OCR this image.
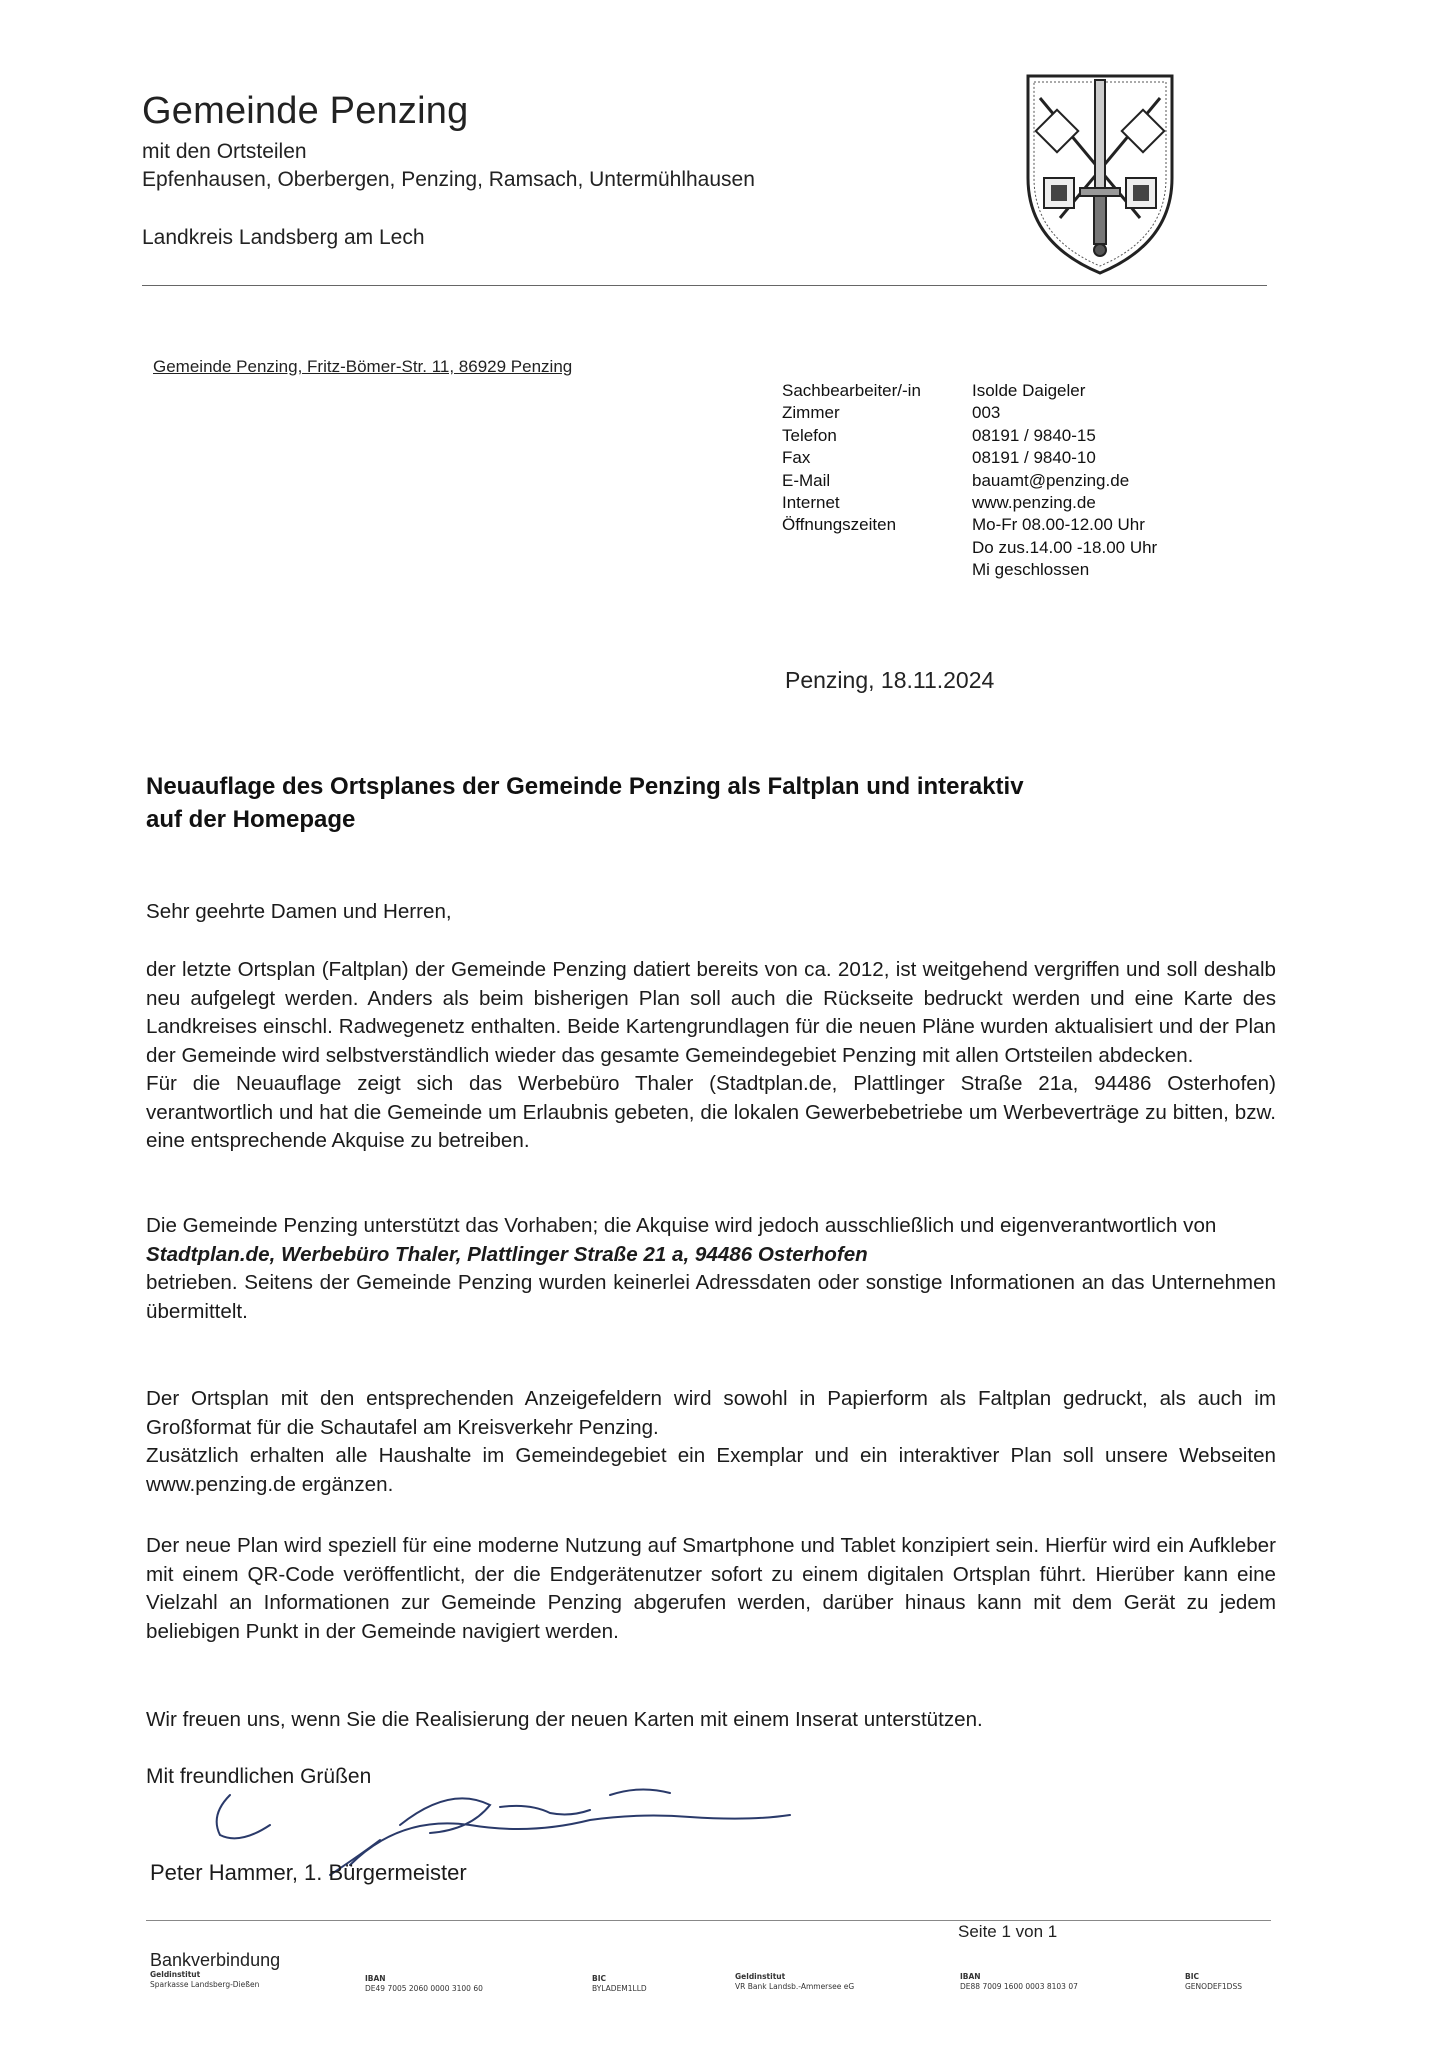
Gemeinde Penzing
mit den Ortsteilen
Epfenhausen, Oberbergen, Penzing, Ramsach, Untermühlhausen
Landkreis Landsberg am Lech
Gemeinde Penzing, Fritz-Bömer-Str. 11, 86929 Penzing
Sachbearbeiter/-in	Isolde Daigeler
Zimmer	003
Telefon	08191 / 9840-15
Fax	08191 / 9840-10
E-Mail	bauamt@penzing.de
Internet	www.penzing.de
Öffnungszeiten	Mo-Fr 08.00-12.00 Uhr
	Do zus.14.00 -18.00 Uhr
	Mi geschlossen
Penzing, 18.11.2024
Neuauflage des Ortsplanes der Gemeinde Penzing als Faltplan und interaktiv
auf der Homepage

Sehr geehrte Damen und Herren,

der letzte Ortsplan (Faltplan) der Gemeinde Penzing datiert bereits von ca. 2012, ist weitgehend vergriffen und soll deshalb neu aufgelegt werden. Anders als beim bisherigen Plan soll auch die Rückseite bedruckt werden und eine Karte des Landkreises einschl. Radwegenetz enthalten. Beide Kartengrundlagen für die neuen Pläne wurden aktualisiert und der Plan der Gemeinde wird selbstverständlich wieder das gesamte Gemeindegebiet Penzing mit allen Ortsteilen abdecken.

Für die Neuauflage zeigt sich das Werbebüro Thaler (Stadtplan.de, Plattlinger Straße 21a, 94486 Osterhofen) verantwortlich und hat die Gemeinde um Erlaubnis gebeten, die lokalen Gewerbebetriebe um Werbeverträge zu bitten, bzw. eine entsprechende Akquise zu betreiben.

Die Gemeinde Penzing unterstützt das Vorhaben; die Akquise wird jedoch ausschließlich und eigenverantwortlich von

Stadtplan.de, Werbebüro Thaler, Plattlinger Straße 21 a, 94486 Osterhofen

betrieben. Seitens der Gemeinde Penzing wurden keinerlei Adressdaten oder sonstige Informationen an das Unternehmen übermittelt.

Der Ortsplan mit den entsprechenden Anzeigefeldern wird sowohl in Papierform als Faltplan gedruckt, als auch im Großformat für die Schautafel am Kreisverkehr Penzing.

Zusätzlich erhalten alle Haushalte im Gemeindegebiet ein Exemplar und ein interaktiver Plan soll unsere Webseiten www.penzing.de ergänzen.

Der neue Plan wird speziell für eine moderne Nutzung auf Smartphone und Tablet konzipiert sein. Hierfür wird ein Aufkleber mit einem QR-Code veröffentlicht, der die Endgerätenutzer sofort zu einem digitalen Ortsplan führt. Hierüber kann eine Vielzahl an Informationen zur Gemeinde Penzing abgerufen werden, darüber hinaus kann mit dem Gerät zu jedem beliebigen Punkt in der Gemeinde navigiert werden.

Wir freuen uns, wenn Sie die Realisierung der neuen Karten mit einem Inserat unterstützen.

Mit freundlichen Grüßen
Peter Hammer, 1. Bürgermeister
Seite 1 von 1
Bankverbindung
Geldinstitut
Sparkasse Landsberg-Dießen
IBAN
DE49 7005 2060 0000 3100 60
BIC
BYLADEM1LLD
Geldinstitut
VR Bank Landsb.-Ammersee eG
IBAN
DE88 7009 1600 0003 8103 07
BIC
GENODEF1DSS
